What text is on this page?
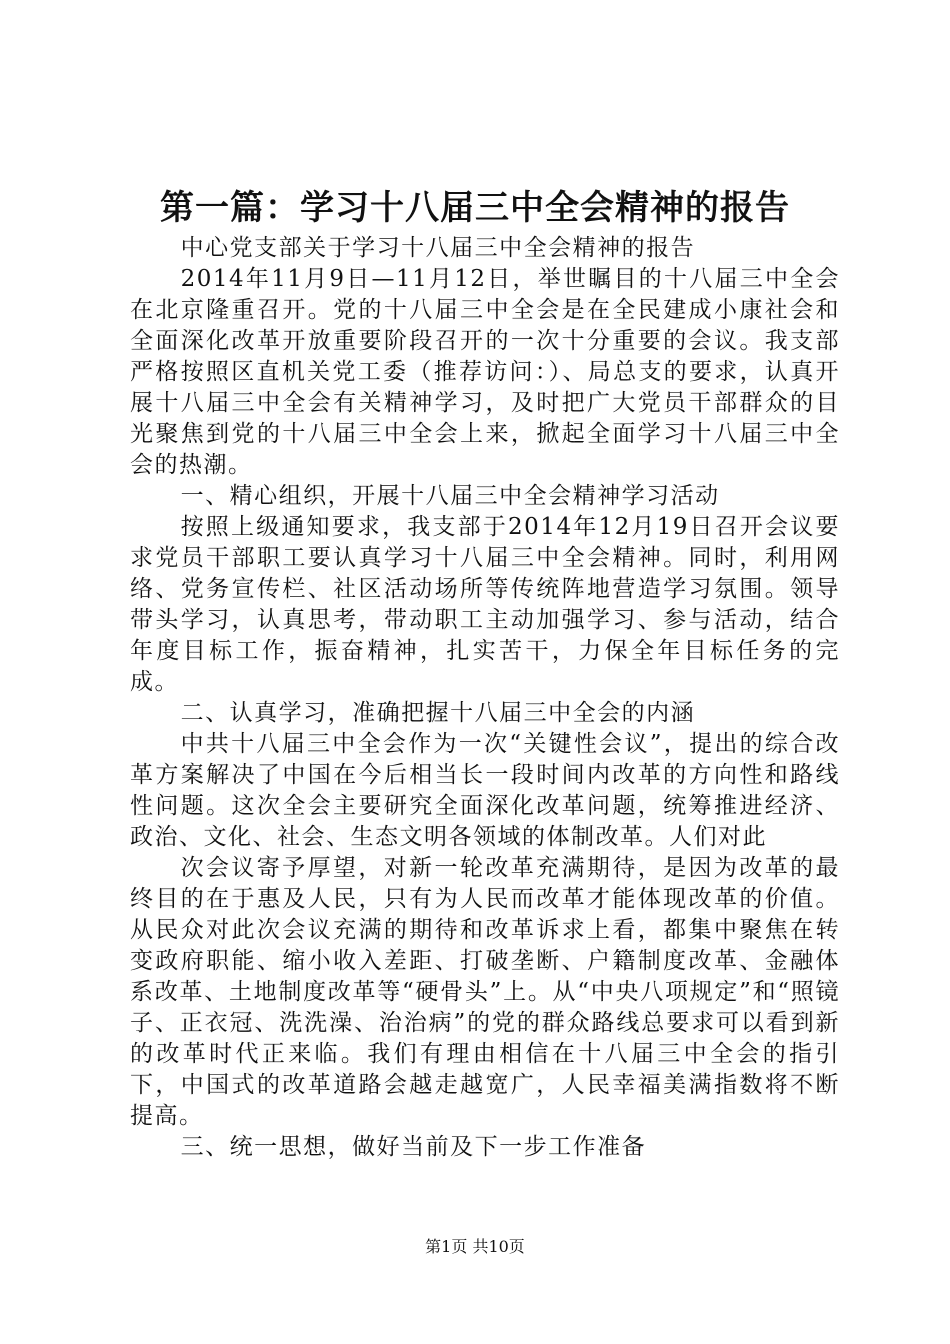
第一篇：学习十八届三中全会精神的报告

中心党支部关于学习十八届三中全会精神的报告

2014年11月9日—11月12日，举世瞩目的十八届三中全会在北京隆重召开。党的十八届三中全会是在全民建成小康社会和全面深化改革开放重要阶段召开的一次十分重要的会议。我支部严格按照区直机关党工委（推荐访问：）、局总支的要求，认真开展十八届三中全会有关精神学习，及时把广大党员干部群众的目光聚焦到党的十八届三中全会上来，掀起全面学习十八届三中全会的热潮。

一、精心组织，开展十八届三中全会精神学习活动

按照上级通知要求，我支部于2014年12月19日召开会议要求党员干部职工要认真学习十八届三中全会精神。同时，利用网络、党务宣传栏、社区活动场所等传统阵地营造学习氛围。领导带头学习，认真思考，带动职工主动加强学习、参与活动，结合年度目标工作，振奋精神，扎实苦干，力保全年目标任务的完成。

二、认真学习，准确把握十八届三中全会的内涵

中共十八届三中全会作为一次“关键性会议”，提出的综合改革方案解决了中国在今后相当长一段时间内改革的方向性和路线性问题。这次全会主要研究全面深化改革问题，统筹推进经济、政治、文化、社会、生态文明各领域的体制改革。人们对此

次会议寄予厚望，对新一轮改革充满期待，是因为改革的最终目的在于惠及人民，只有为人民而改革才能体现改革的价值。从民众对此次会议充满的期待和改革诉求上看，都集中聚焦在转变政府职能、缩小收入差距、打破垄断、户籍制度改革、金融体系改革、土地制度改革等“硬骨头”上。从“中央八项规定”和“照镜子、正衣冠、洗洗澡、治治病”的党的群众路线总要求可以看到新的改革时代正来临。我们有理由相信在十八届三中全会的指引下，中国式的改革道路会越走越宽广，人民幸福美满指数将不断提高。

三、统一思想，做好当前及下一步工作准备

第1页 共10页
